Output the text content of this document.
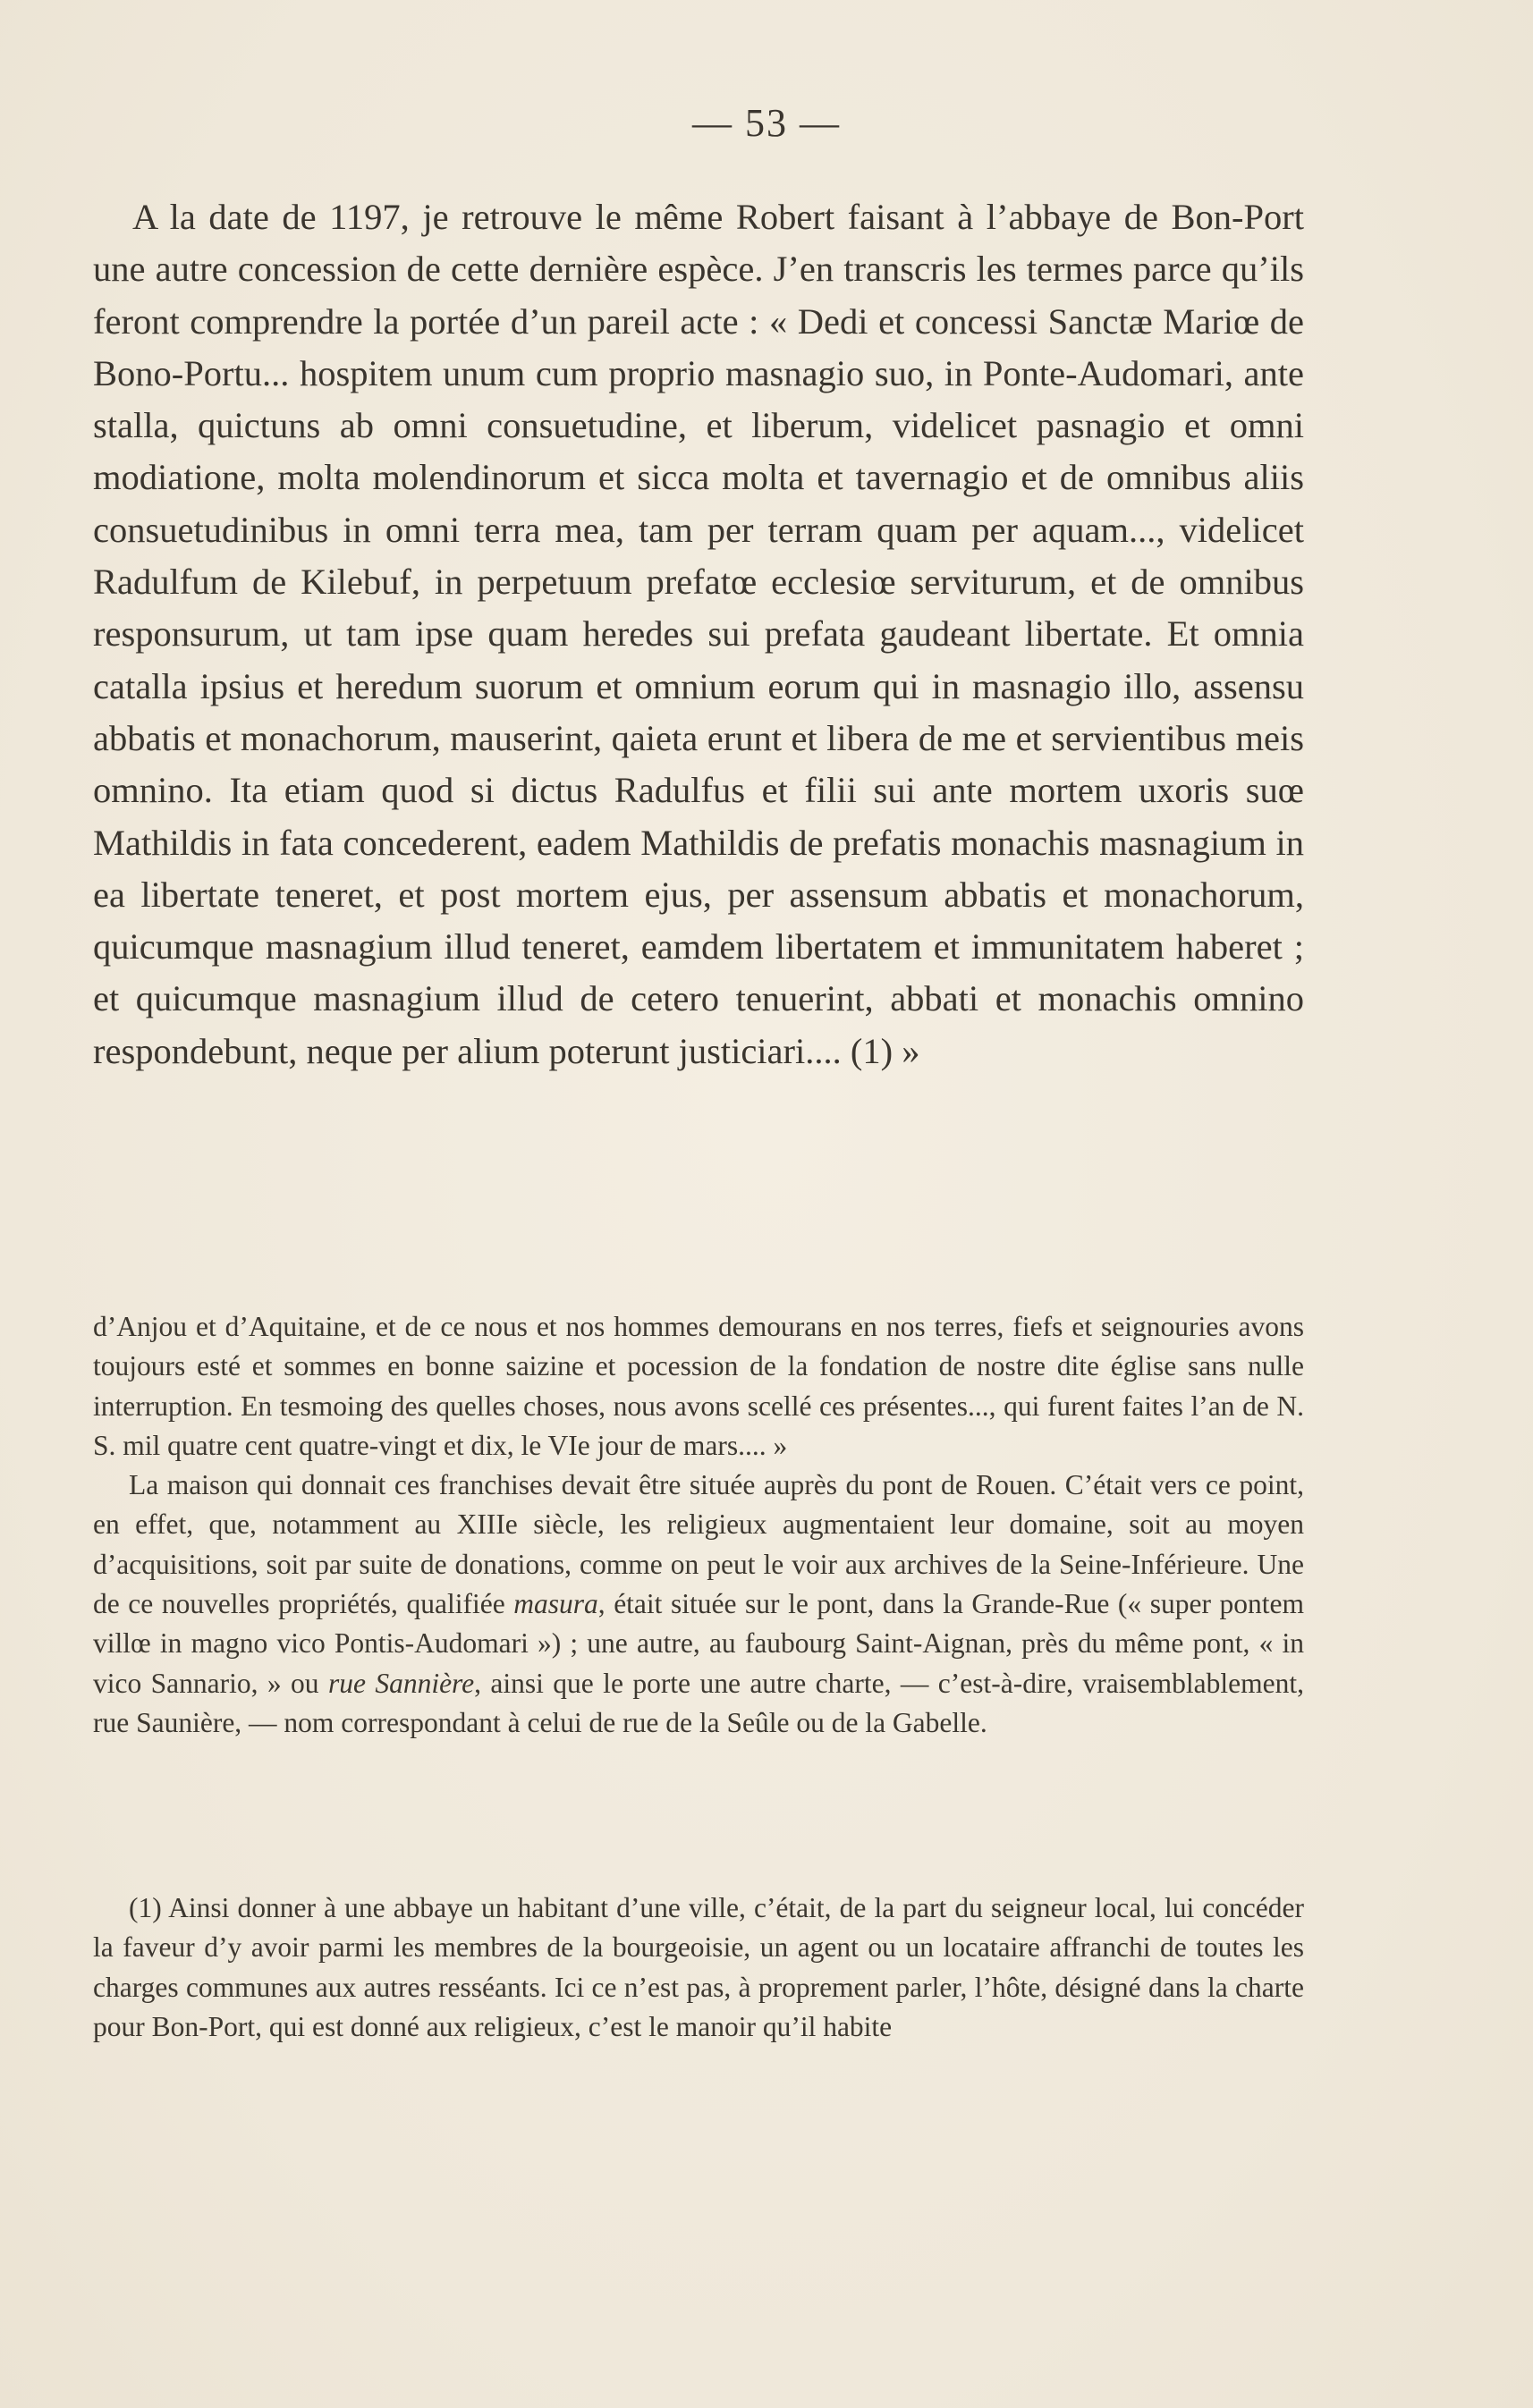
— 53 —

A la date de 1197, je retrouve le même Robert faisant à l’abbaye de Bon-Port une autre concession de cette dernière espèce. J’en transcris les termes parce qu’ils feront comprendre la portée d’un pareil acte : « Dedi et concessi Sanctæ Mariœ de Bono-Portu... hospitem unum cum proprio masnagio suo, in Ponte-Audomari, ante stalla, quictuns ab omni consuetudine, et liberum, videlicet pasnagio et omni modiatione, molta molendinorum et sicca molta et tavernagio et de omnibus aliis consuetudinibus in omni terra mea, tam per terram quam per aquam..., videlicet Radulfum de Kilebuf, in perpetuum prefatœ ecclesiœ serviturum, et de omnibus responsurum, ut tam ipse quam heredes sui prefata gaudeant libertate. Et omnia catalla ipsius et heredum suorum et omnium eorum qui in masnagio illo, assensu abbatis et monachorum, mauserint, qaieta erunt et libera de me et servientibus meis omnino. Ita etiam quod si dictus Radulfus et filii sui ante mortem uxoris suœ Mathildis in fata concederent, eadem Mathildis de prefatis monachis masnagium in ea libertate teneret, et post mortem ejus, per assensum abbatis et monachorum, quicumque masnagium illud teneret, eamdem libertatem et immunitatem haberet ; et quicumque masnagium illud de cetero tenuerint, abbati et monachis omnino respondebunt, neque per alium poterunt justiciari.... (1) »

d’Anjou et d’Aquitaine, et de ce nous et nos hommes demourans en nos terres, fiefs et seignouries avons toujours esté et sommes en bonne saizine et pocession de la fondation de nostre dite église sans nulle interruption. En tesmoing des quelles choses, nous avons scellé ces présentes..., qui furent faites l’an de N. S. mil quatre cent quatre-vingt et dix, le VIe jour de mars.... »

La maison qui donnait ces franchises devait être située auprès du pont de Rouen. C’était vers ce point, en effet, que, notamment au XIIIe siècle, les religieux augmentaient leur domaine, soit au moyen d’acquisitions, soit par suite de donations, comme on peut le voir aux archives de la Seine-Inférieure. Une de ce nouvelles propriétés, qualifiée masura, était située sur le pont, dans la Grande-Rue (« super pontem villœ in magno vico Pontis-Audomari ») ; une autre, au faubourg Saint-Aignan, près du même pont, « in vico Sannario, » ou rue Sannière, ainsi que le porte une autre charte, — c’est-à-dire, vraisemblablement, rue Saunière, — nom correspondant à celui de rue de la Seûle ou de la Gabelle.

(1) Ainsi donner à une abbaye un habitant d’une ville, c’était, de la part du seigneur local, lui concéder la faveur d’y avoir parmi les membres de la bourgeoisie, un agent ou un locataire affranchi de toutes les charges communes aux autres resséants. Ici ce n’est pas, à proprement parler, l’hôte, désigné dans la charte pour Bon-Port, qui est donné aux religieux, c’est le manoir qu’il habite
